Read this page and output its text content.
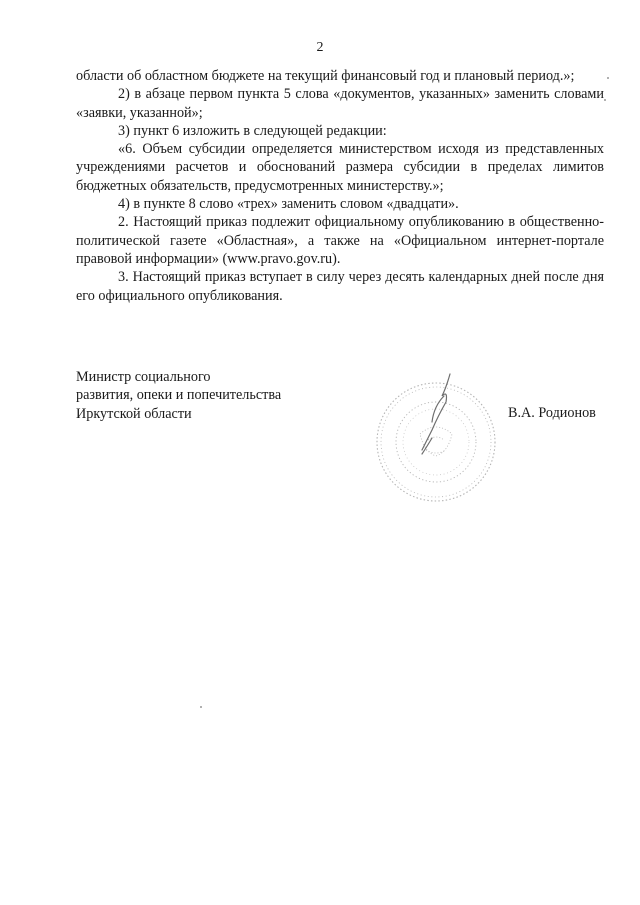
2

области об областном бюджете на текущий финансовый год и плановый период.»;

2) в абзаце первом пункта 5 слова «документов, указанных» заменить словами «заявки, указанной»;

3) пункт 6 изложить в следующей редакции:

«6. Объем субсидии определяется министерством исходя из представленных учреждениями расчетов и обоснований размера субсидии в пределах лимитов бюджетных обязательств, предусмотренных министерству.»;

4) в пункте 8 слово «трех» заменить словом «двадцати».

2. Настоящий приказ подлежит официальному опубликованию в общественно-политической газете «Областная», а также на «Официальном интернет-портале правовой информации» (www.pravo.gov.ru).

3. Настоящий приказ вступает в силу через десять календарных дней после дня его официального опубликования.

Министр социального
развития, опеки и попечительства
Иркутской области	В.А. Родионов
